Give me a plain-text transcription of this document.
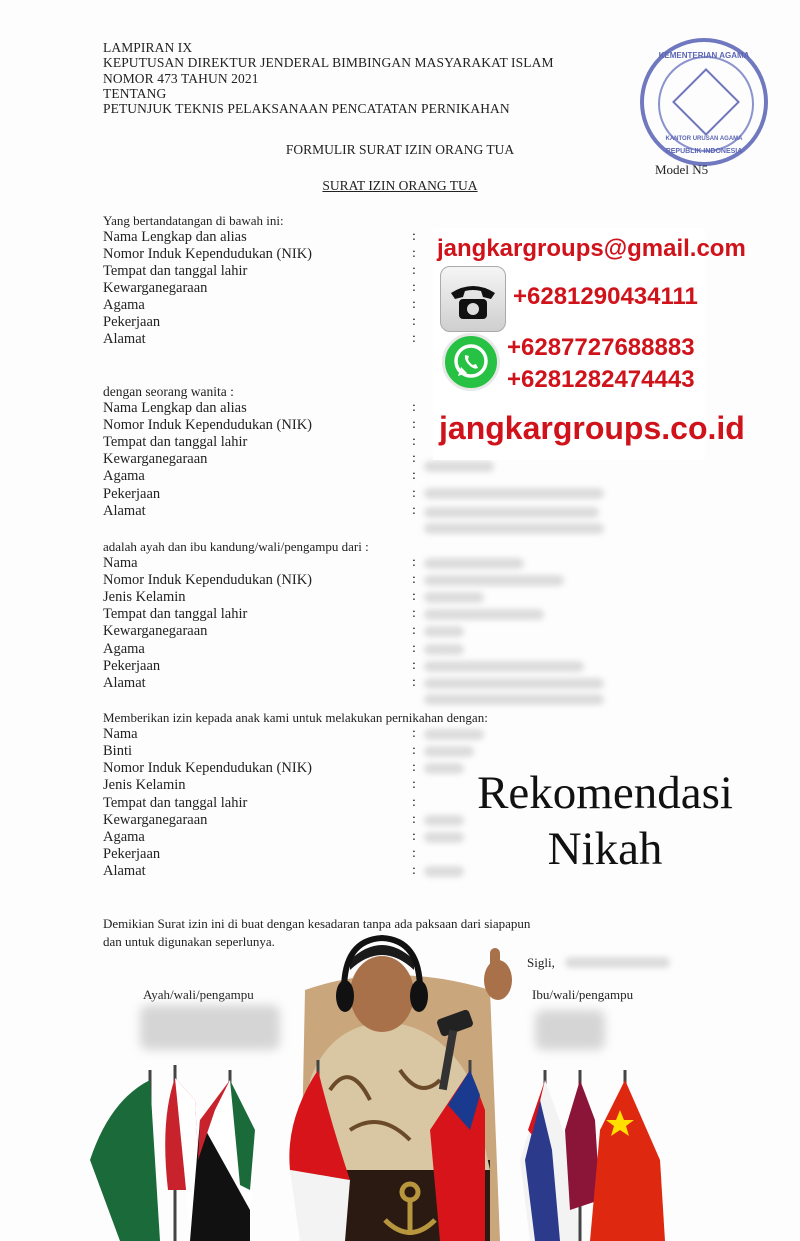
LAMPIRAN IX
KEPUTUSAN DIREKTUR JENDERAL BIMBINGAN MASYARAKAT ISLAM
NOMOR 473 TAHUN 2021
TENTANG
PETUNJUK TEKNIS PELAKSANAAN PENCATATAN PERNIKAHAN
KEMENTERIAN AGAMA
KANTOR URUSAN AGAMA
REPUBLIK INDONESIA
FORMULIR SURAT IZIN ORANG TUA
Model N5
SURAT IZIN ORANG TUA
Yang bertandatangan di bawah ini:
Nama Lengkap dan alias
Nomor Induk Kependudukan (NIK)
Tempat dan tanggal lahir
Kewarganegaraan
Agama
Pekerjaan
Alamat
:
:
:
:
:
:
:
dengan seorang wanita :
Nama Lengkap dan alias
Nomor Induk Kependudukan (NIK)
Tempat dan tanggal lahir
Kewarganegaraan
Agama
Pekerjaan
Alamat
:
:
:
:
:
:
:
adalah ayah dan ibu kandung/wali/pengampu dari :
Nama
Nomor Induk Kependudukan (NIK)
Jenis Kelamin
Tempat dan tanggal lahir
Kewarganegaraan
Agama
Pekerjaan
Alamat
:
:
:
:
:
:
:
:
Memberikan izin kepada anak kami untuk melakukan pernikahan dengan:
Nama
Binti
Nomor Induk Kependudukan (NIK)
Jenis Kelamin
Tempat dan tanggal lahir
Kewarganegaraan
Agama
Pekerjaan
Alamat
:
:
:
:
:
:
:
:
:
Rekomendasi
Nikah
Demikian Surat izin ini di buat dengan kesadaran tanpa ada paksaan dari siapapun
dan untuk digunakan seperlunya.
Sigli,
Ayah/wali/pengampu	Ibu/wali/pengampu
jangkargroups@gmail.com
+6281290434111
+6287727688883
+6281282474443
jangkargroups.co.id
